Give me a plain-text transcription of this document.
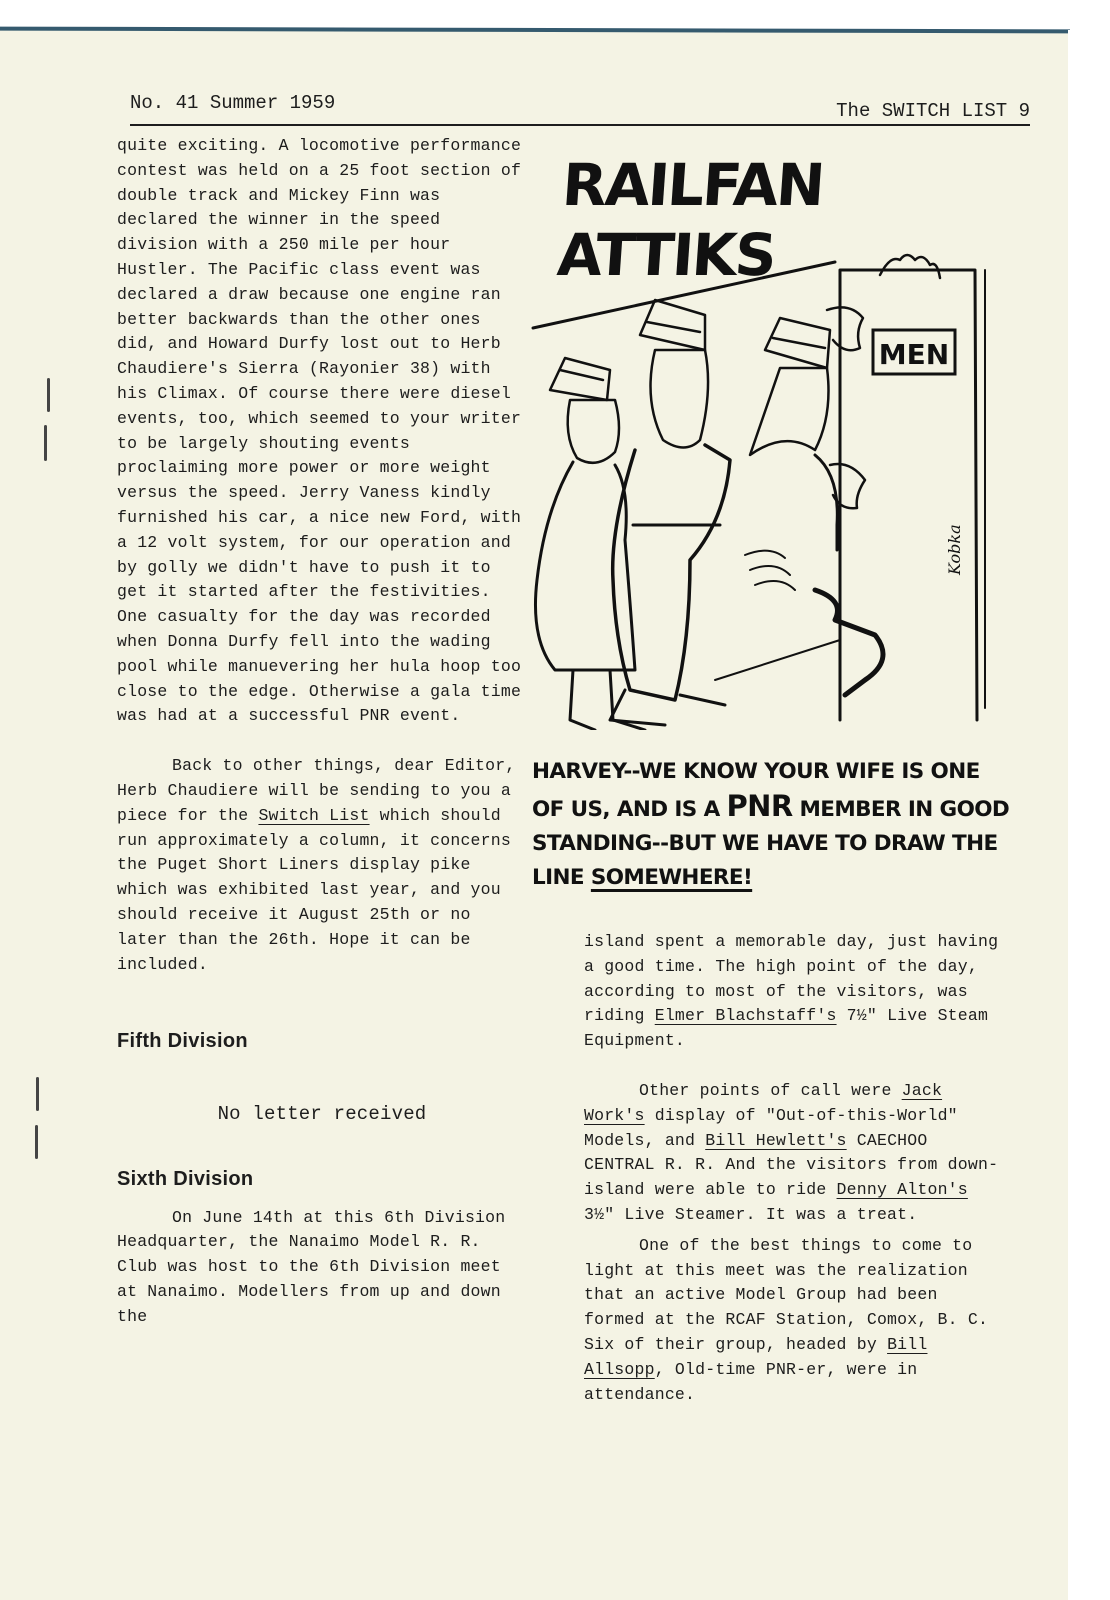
No. 41 Summer 1959	The SWITCH LIST 9

quite exciting. A locomotive performance contest was held on a 25 foot section of double track and Mickey Finn was declared the winner in the speed division with a 250 mile per hour Hustler. The Pacific class event was declared a draw because one engine ran better backwards than the other ones did, and Howard Durfy lost out to Herb Chaudiere's Sierra (Rayonier 38) with his Climax. Of course there were diesel events, too, which seemed to your writer to be largely shouting events proclaiming more power or more weight versus the speed. Jerry Vaness kindly furnished his car, a nice new Ford, with a 12 volt system, for our operation and by golly we didn't have to push it to get it started after the festivities. One casualty for the day was recorded when Donna Durfy fell into the wading pool while manuevering her hula hoop too close to the edge. Otherwise a gala time was had at a successful PNR event.

Back to other things, dear Editor, Herb Chaudiere will be sending to you a piece for the Switch List which should run approximately a column, it concerns the Puget Short Liners display pike which was exhibited last year, and you should receive it August 25th or no later than the 26th. Hope it can be included.

Fifth Division

No letter received

Sixth Division

On June 14th at this 6th Division Headquarter, the Nanaimo Model R. R. Club was host to the 6th Division meet at Nanaimo. Modellers from up and down the

RAILFAN ATTIKS
MEN
Kobka
HARVEY--WE KNOW YOUR WIFE IS ONE OF US, AND IS A PNR MEMBER IN GOOD STANDING--BUT WE HAVE TO DRAW THE LINE SOMEWHERE!

island spent a memorable day, just having a good time. The high point of the day, according to most of the visitors, was riding Elmer Blachstaff's 7½" Live Steam Equipment.

Other points of call were Jack Work's display of "Out-of-this-World" Models, and Bill Hewlett's CAECHOO CENTRAL R. R. And the visitors from down-island were able to ride Denny Alton's 3½" Live Steamer. It was a treat.

One of the best things to come to light at this meet was the realization that an active Model Group had been formed at the RCAF Station, Comox, B. C. Six of their group, headed by Bill Allsopp, Old-time PNR-er, were in attendance.
